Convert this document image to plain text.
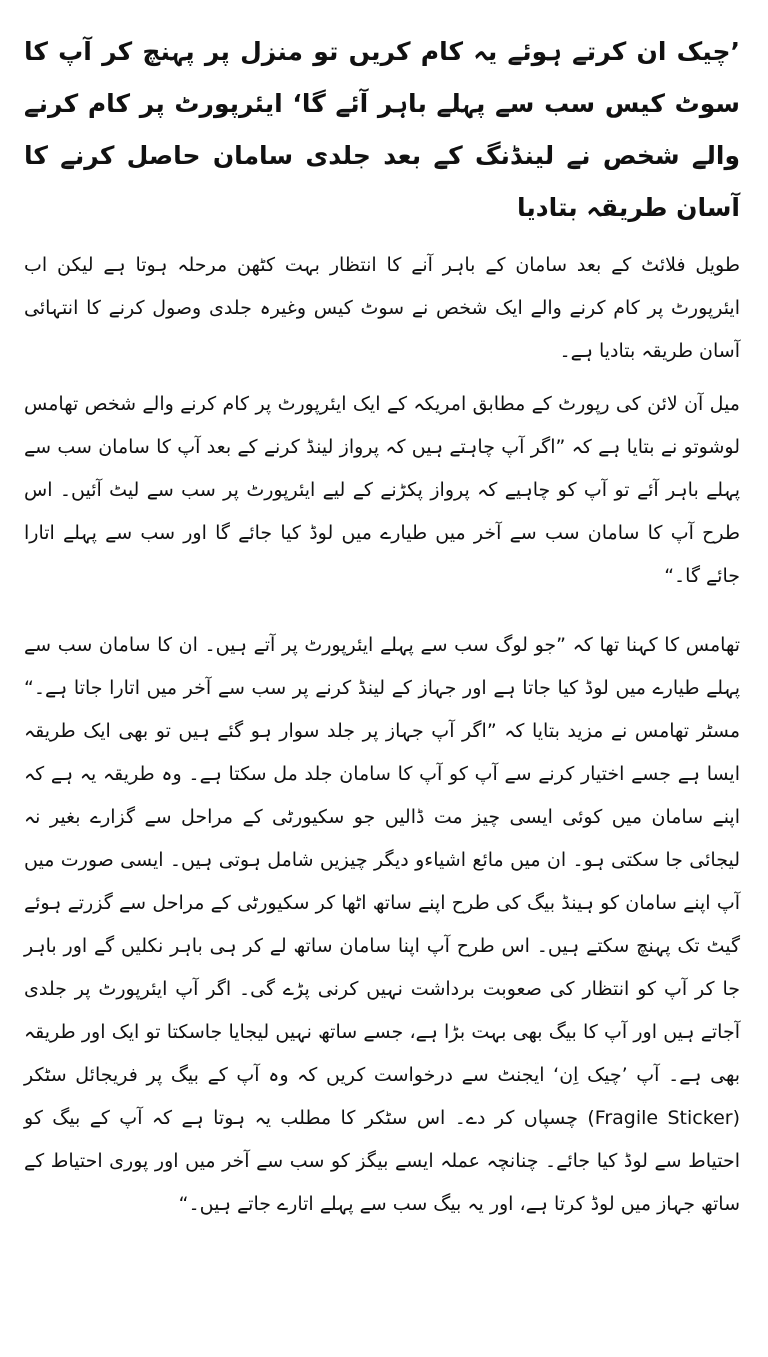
’چیک ان کرتے ہوئے یہ کام کریں تو منزل پر پہنچ کر آپ کا سوٹ کیس سب سے پہلے باہر آئے گا‘ ایئرپورٹ پر کام کرنے والے شخص نے لینڈنگ کے بعد جلدی سامان حاصل کرنے کا آسان طریقہ بتادیا

طویل فلائٹ کے بعد سامان کے باہر آنے کا انتظار بہت کٹھن مرحلہ ہوتا ہے لیکن اب ایئرپورٹ پر کام کرنے والے ایک شخص نے سوٹ کیس وغیرہ جلدی وصول کرنے کا انتہائی آسان طریقہ بتادیا ہے۔

میل آن لائن کی رپورٹ کے مطابق امریکہ کے ایک ایئرپورٹ پر کام کرنے والے شخص تھامس لوشوتو نے بتایا ہے کہ ”اگر آپ چاہتے ہیں کہ پرواز لینڈ کرنے کے بعد آپ کا سامان سب سے پہلے باہر آئے تو آپ کو چاہیے کہ پرواز پکڑنے کے لیے ایئرپورٹ پر سب سے لیٹ آئیں۔ اس طرح آپ کا سامان سب سے آخر میں طیارے میں لوڈ کیا جائے گا اور سب سے پہلے اتارا جائے گا۔“

تھامس کا کہنا تھا کہ ”جو لوگ سب سے پہلے ایئرپورٹ پر آتے ہیں۔ ان کا سامان سب سے پہلے طیارے میں لوڈ کیا جاتا ہے اور جہاز کے لینڈ کرنے پر سب سے آخر میں اتارا جاتا ہے۔“ مسٹر تھامس نے مزید بتایا کہ ”اگر آپ جہاز پر جلد سوار ہو گئے ہیں تو بھی ایک طریقہ ایسا ہے جسے اختیار کرنے سے آپ کو آپ کا سامان جلد مل سکتا ہے۔ وہ طریقہ یہ ہے کہ اپنے سامان میں کوئی ایسی چیز مت ڈالیں جو سکیورٹی کے مراحل سے گزارے بغیر نہ لیجائی جا سکتی ہو۔ ان میں مائع اشیاءو دیگر چیزیں شامل ہوتی ہیں۔ ایسی صورت میں آپ اپنے سامان کو ہینڈ بیگ کی طرح اپنے ساتھ اٹھا کر سکیورٹی کے مراحل سے گزرتے ہوئے گیٹ تک پہنچ سکتے ہیں۔ اس طرح آپ اپنا سامان ساتھ لے کر ہی باہر نکلیں گے اور باہر جا کر آپ کو انتظار کی صعوبت برداشت نہیں کرنی پڑے گی۔ اگر آپ ایئرپورٹ پر جلدی آجاتے ہیں اور آپ کا بیگ بھی بہت بڑا ہے، جسے ساتھ نہیں لیجایا جاسکتا تو ایک اور طریقہ بھی ہے۔ آپ ’چیک اِن‘ ایجنٹ سے درخواست کریں کہ وہ آپ کے بیگ پر فریجائل سٹکر (Fragile Sticker) چسپاں کر دے۔ اس سٹکر کا مطلب یہ ہوتا ہے کہ آپ کے بیگ کو احتیاط سے لوڈ کیا جائے۔ چنانچہ عملہ ایسے بیگز کو سب سے آخر میں اور پوری احتیاط کے ساتھ جہاز میں لوڈ کرتا ہے، اور یہ بیگ سب سے پہلے اتارے جاتے ہیں۔“
